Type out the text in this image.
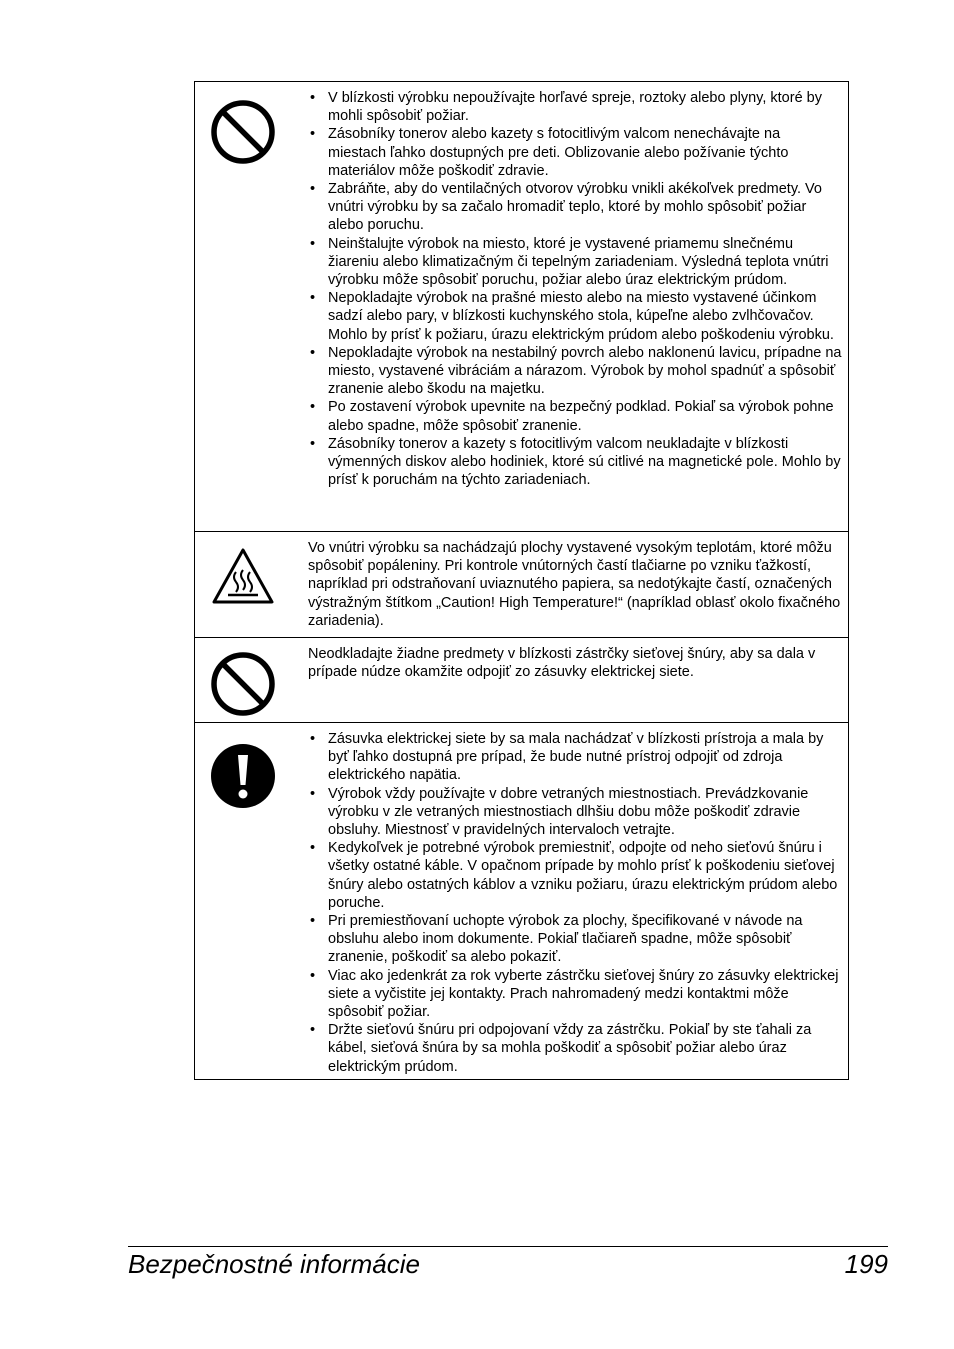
• V blízkosti výrobku nepoužívajte horľavé spreje, roztoky alebo plyny, ktoré by mohli spôsobiť požiar.
• Zásobníky tonerov alebo kazety s fotocitlivým valcom nenechávajte na miestach ľahko dostupných pre deti. Oblizovanie alebo požívanie týchto materiálov môže poškodiť zdravie.
• Zabráňte, aby do ventilačných otvorov výrobku vnikli akékoľvek predmety. Vo vnútri výrobku by sa začalo hromadiť teplo, ktoré by mohlo spôsobiť požiar alebo poruchu.
• Neinštalujte výrobok na miesto, ktoré je vystavené priamemu slnečnému žiareniu alebo klimatizačným či tepelným zariadeniam. Výsledná teplota vnútri výrobku môže spôsobiť poruchu, požiar alebo úraz elektrickým prúdom.
• Nepokladajte výrobok na prašné miesto alebo na miesto vystavené účinkom sadzí alebo pary, v blízkosti kuchynského stola, kúpeľne alebo zvlhčovačov. Mohlo by prísť k požiaru, úrazu elektrickým prúdom alebo poškodeniu výrobku.
• Nepokladajte výrobok na nestabilný povrch alebo naklonenú lavicu, prípadne na miesto, vystavené vibráciám a nárazom. Výrobok by mohol spadnúť a spôsobiť zranenie alebo škodu na majetku.
• Po zostavení výrobok upevnite na bezpečný podklad. Pokiaľ sa výrobok pohne alebo spadne, môže spôsobiť zranenie.
• Zásobníky tonerov a kazety s fotocitlivým valcom neukladajte v blízkosti výmenných diskov alebo hodiniek, ktoré sú citlivé na magnetické pole. Mohlo by prísť k poruchám na týchto zariadeniach.

Vo vnútri výrobku sa nachádzajú plochy vystavené vysokým teplotám, ktoré môžu spôsobiť popáleniny. Pri kontrole vnútorných častí tlačiarne po vzniku ťažkostí, napríklad pri odstraňovaní uviaznutého papiera, sa nedotýkajte častí, označených výstražným štítkom „Caution! High Temperature!“ (napríklad oblasť okolo fixačného zariadenia).

Neodkladajte žiadne predmety v blízkosti zástrčky sieťovej šnúry, aby sa dala v prípade núdze okamžite odpojiť zo zásuvky elektrickej siete.

• Zásuvka elektrickej siete by sa mala nachádzať v blízkosti prístroja a mala by byť ľahko dostupná pre prípad, že bude nutné prístroj odpojiť od zdroja elektrického napätia.
• Výrobok vždy používajte v dobre vetraných miestnostiach. Prevádzkovanie výrobku v zle vetraných miestnostiach dlhšiu dobu môže poškodiť zdravie obsluhy. Miestnosť v pravidelných intervaloch vetrajte.
• Kedykoľvek je potrebné výrobok premiestniť, odpojte od neho sieťovú šnúru i všetky ostatné káble. V opačnom prípade by mohlo prísť k poškodeniu sieťovej šnúry alebo ostatných káblov a vzniku požiaru, úrazu elektrickým prúdom alebo poruche.
• Pri premiestňovaní uchopte výrobok za plochy, špecifikované v návode na obsluhu alebo inom dokumente. Pokiaľ tlačiareň spadne, môže spôsobiť zranenie, poškodiť sa alebo pokaziť.
• Viac ako jedenkrát za rok vyberte zástrčku sieťovej šnúry zo zásuvky elektrickej siete a vyčistite jej kontakty. Prach nahromadený medzi kontaktmi môže spôsobiť požiar.
• Držte sieťovú šnúru pri odpojovaní vždy za zástrčku. Pokiaľ by ste ťahali za kábel, sieťová šnúra by sa mohla poškodiť a spôsobiť požiar alebo úraz elektrickým prúdom.
Bezpečnostné informácie	199
